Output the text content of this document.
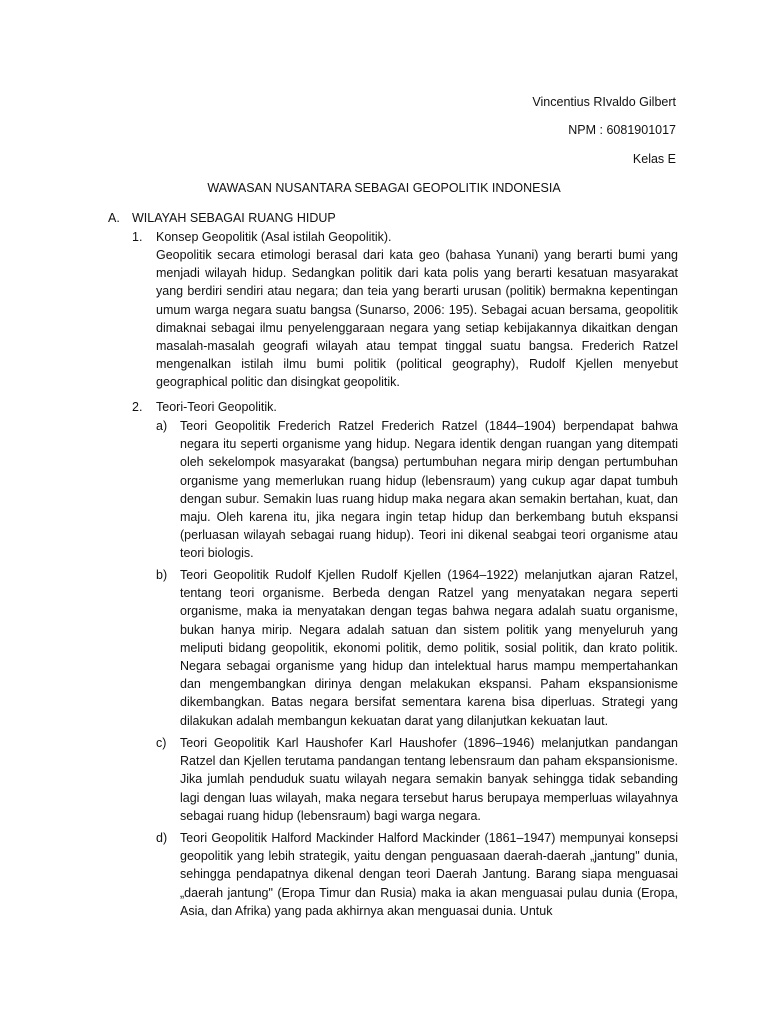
Vincentius RIvaldo Gilbert
NPM : 6081901017
Kelas E
WAWASAN NUSANTARA SEBAGAI GEOPOLITIK INDONESIA
A. WILAYAH SEBAGAI RUANG HIDUP
1. Konsep Geopolitik (Asal istilah Geopolitik).
Geopolitik secara etimologi berasal dari kata geo (bahasa Yunani) yang berarti bumi yang menjadi wilayah hidup. Sedangkan politik dari kata polis yang berarti kesatuan masyarakat yang berdiri sendiri atau negara; dan teia yang berarti urusan (politik) bermakna kepentingan umum warga negara suatu bangsa (Sunarso, 2006: 195). Sebagai acuan bersama, geopolitik dimaknai sebagai ilmu penyelenggaraan negara yang setiap kebijakannya dikaitkan dengan masalah-masalah geografi wilayah atau tempat tinggal suatu bangsa. Frederich Ratzel mengenalkan istilah ilmu bumi politik (political geography), Rudolf Kjellen menyebut geographical politic dan disingkat geopolitik.
2. Teori-Teori Geopolitik.
a) Teori Geopolitik Frederich Ratzel Frederich Ratzel (1844–1904) berpendapat bahwa negara itu seperti organisme yang hidup. Negara identik dengan ruangan yang ditempati oleh sekelompok masyarakat (bangsa) pertumbuhan negara mirip dengan pertumbuhan organisme yang memerlukan ruang hidup (lebensraum) yang cukup agar dapat tumbuh dengan subur. Semakin luas ruang hidup maka negara akan semakin bertahan, kuat, dan maju. Oleh karena itu, jika negara ingin tetap hidup dan berkembang butuh ekspansi (perluasan wilayah sebagai ruang hidup). Teori ini dikenal seabgai teori organisme atau teori biologis.
b) Teori Geopolitik Rudolf Kjellen Rudolf Kjellen (1964–1922) melanjutkan ajaran Ratzel, tentang teori organisme. Berbeda dengan Ratzel yang menyatakan negara seperti organisme, maka ia menyatakan dengan tegas bahwa negara adalah suatu organisme, bukan hanya mirip. Negara adalah satuan dan sistem politik yang menyeluruh yang meliputi bidang geopolitik, ekonomi politik, demo politik, sosial politik, dan krato politik. Negara sebagai organisme yang hidup dan intelektual harus mampu mempertahankan dan mengembangkan dirinya dengan melakukan ekspansi. Paham ekspansionisme dikembangkan. Batas negara bersifat sementara karena bisa diperluas. Strategi yang dilakukan adalah membangun kekuatan darat yang dilanjutkan kekuatan laut.
c) Teori Geopolitik Karl Haushofer Karl Haushofer (1896–1946) melanjutkan pandangan Ratzel dan Kjellen terutama pandangan tentang lebensraum dan paham ekspansionisme. Jika jumlah penduduk suatu wilayah negara semakin banyak sehingga tidak sebanding lagi dengan luas wilayah, maka negara tersebut harus berupaya memperluas wilayahnya sebagai ruang hidup (lebensraum) bagi warga negara.
d) Teori Geopolitik Halford Mackinder Halford Mackinder (1861–1947) mempunyai konsepsi geopolitik yang lebih strategik, yaitu dengan penguasaan daerah-daerah „jantung" dunia, sehingga pendapatnya dikenal dengan teori Daerah Jantung. Barang siapa menguasai „daerah jantung" (Eropa Timur dan Rusia) maka ia akan menguasai pulau dunia (Eropa, Asia, dan Afrika) yang pada akhirnya akan menguasai dunia. Untuk
